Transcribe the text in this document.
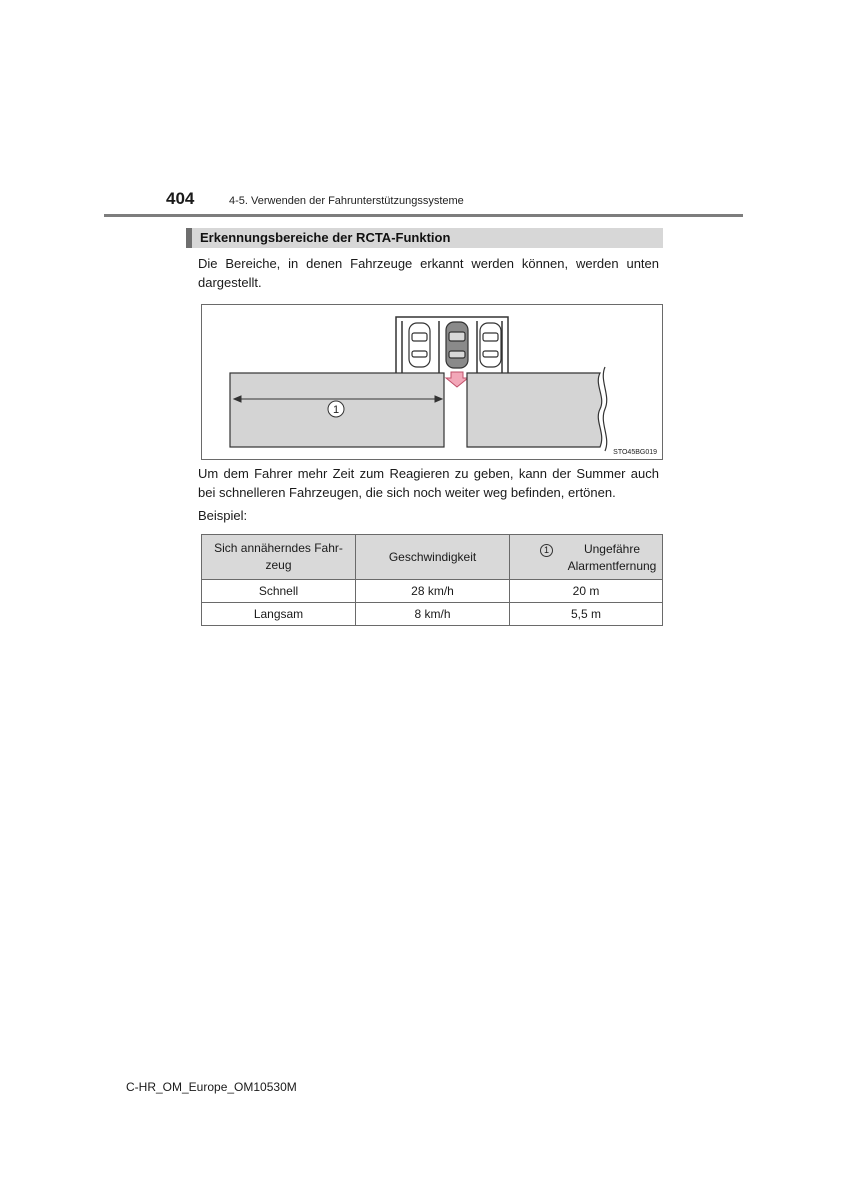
404	4-5. Verwenden der Fahrunterstützungssysteme
Erkennungsbereiche der RCTA-Funktion

Die Bereiche, in denen Fahrzeuge erkannt werden können, werden unten dargestellt.

1
STO45BG019

Um dem Fahrer mehr Zeit zum Reagieren zu geben, kann der Summer auch bei schnelleren Fahrzeugen, die sich noch weiter weg befinden, ertönen.

Beispiel:

Sich annäherndes Fahr-zeug	Geschwindigkeit	1 Ungefähre Alarmentfernung

Schnell	28 km/h	20 m
Langsam	8 km/h	5,5 m
C-HR_OM_Europe_OM10530M
